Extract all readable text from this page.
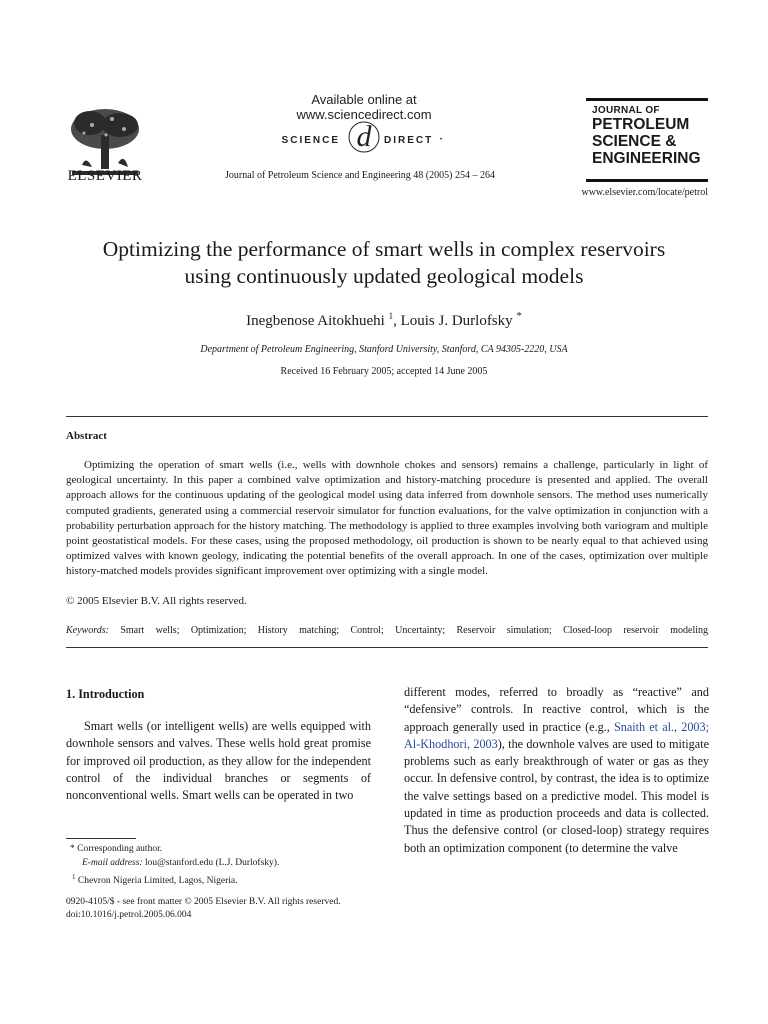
ELSEVIER
Available online at www.sciencedirect.com
SCIENCE d DIRECT •
Journal of Petroleum Science and Engineering 48 (2005) 254 – 264
JOURNAL OF
PETROLEUM
SCIENCE &
ENGINEERING
www.elsevier.com/locate/petrol
Optimizing the performance of smart wells in complex reservoirs
using continuously updated geological models
Inegbenose Aitokhuehi $^1$, Louis J. Durlofsky *
Department of Petroleum Engineering, Stanford University, Stanford, CA 94305-2220, USA
Received 16 February 2005; accepted 14 June 2005
Abstract
Optimizing the operation of smart wells (i.e., wells with downhole chokes and sensors) remains a challenge, particularly in light of geological uncertainty. In this paper a combined valve optimization and history-matching procedure is presented and applied. The overall approach allows for the continuous updating of the geological model using data inferred from downhole sensors. The method uses numerically computed gradients, generated using a commercial reservoir simulator for function evaluations, for the valve optimization in conjunction with a probability perturbation approach for the history matching. The methodology is applied to three examples involving both variogram and multiple point geostatistical models. For these cases, using the proposed methodology, oil production is shown to be nearly equal to that achieved using optimized valves with known geology, indicating the potential benefits of the overall approach. In one of the cases, optimization over multiple history-matched models provides significant improvement over optimizing with a single model.
© 2005 Elsevier B.V. All rights reserved.
Keywords: Smart wells; Optimization; History matching; Control; Uncertainty; Reservoir simulation; Closed-loop reservoir modeling
1. Introduction
Smart wells (or intelligent wells) are wells equipped with downhole sensors and valves. These wells hold great promise for improved oil production, as they allow for the independent control of the individual branches or segments of nonconventional wells. Smart wells can be operated in two
different modes, referred to broadly as “reactive” and “defensive” controls. In reactive control, which is the approach generally used in practice (e.g., Snaith et al., 2003; Al-Khodhori, 2003), the downhole valves are used to mitigate problems such as early breakthrough of water or gas as they occur. In defensive control, by contrast, the idea is to optimize the valve settings based on a predictive model. This model is updated in time as production proceeds and data is collected. Thus the defensive control (or closed-loop) strategy requires both an optimization component (to determine the valve
* Corresponding author.
E-mail address: lou@stanford.edu (L.J. Durlofsky).
$^1$ Chevron Nigeria Limited, Lagos, Nigeria.
0920-4105/$ - see front matter © 2005 Elsevier B.V. All rights reserved.
doi:10.1016/j.petrol.2005.06.004
